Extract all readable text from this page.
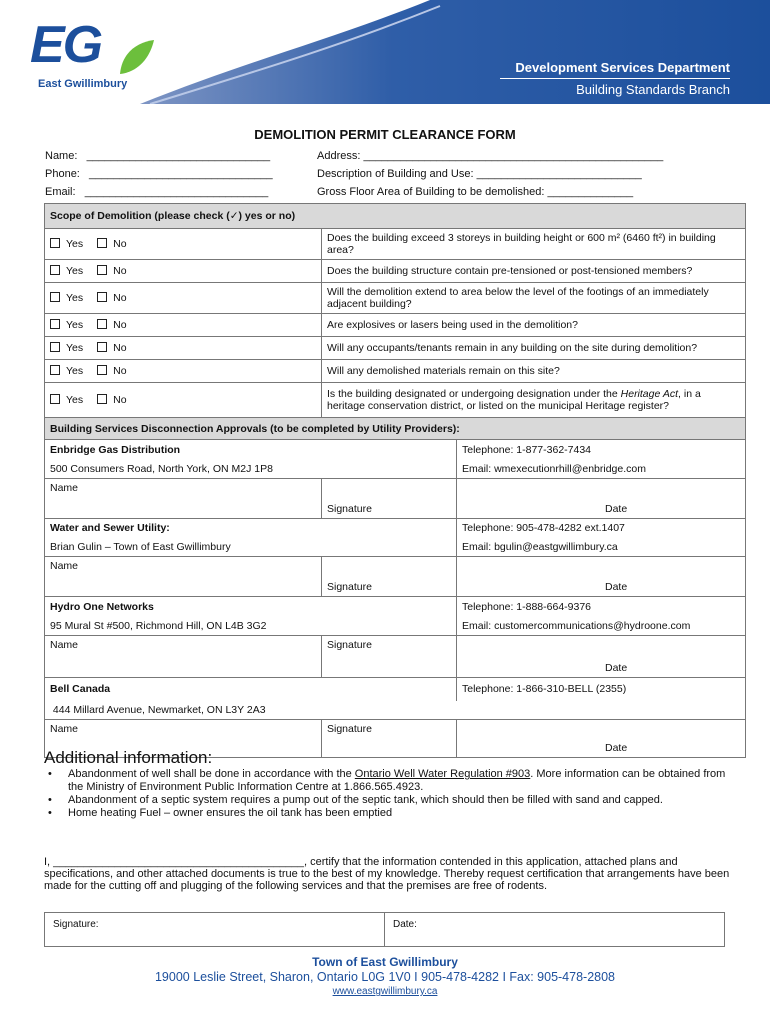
EG
East Gwillimbury
Development Services Department
Building Standards Branch
DEMOLITION PERMIT CLEARANCE FORM
Name:   ______________________________	Address: _________________________________________________
Phone:   ______________________________	Description of Building and Use: ___________________________
Email:   ______________________________	Gross Floor Area of Building to be demolished: ______________
Scope of Demolition (please check (✓) yes or no)		
Yes No	Does the building exceed 3 storeys in building height or 600 m² (6460 ft²) in building area?	
Yes No	Does the building structure contain pre-tensioned or post-tensioned members?	
Yes No	Will the demolition extend to area below the level of the footings of an immediately adjacent building?	
Yes No	Are explosives or lasers being used in the demolition?	
Yes No	Will any occupants/tenants remain in any building on the site during demolition?	
Yes No	Will any demolished materials remain on this site?	
Yes No	Is the building designated or undergoing designation under the Heritage Act, in a heritage conservation district, or listed on the municipal Heritage register?	
Building Services Disconnection Approvals (to be completed by Utility Providers):		
Enbridge Gas Distribution		Telephone: 1-877-362-7434
500 Consumers Road, North York, ON M2J 1P8		Email: wmexecutionrhill@enbridge.com
Name	Signature	Date
Water and Sewer Utility:		Telephone: 905-478-4282 ext.1407
Brian Gulin – Town of East Gwillimbury		Email: bgulin@eastgwillimbury.ca
Name	Signature	Date
Hydro One Networks		Telephone: 1-888-664-9376
95 Mural St #500, Richmond Hill, ON L4B 3G2		Email: customercommunications@hydroone.com
Name	Signature	Date
Bell Canada		Telephone: 1-866-310-BELL (2355)
444 Millard Avenue, Newmarket, ON L3Y 2A3		
Name	Signature	Date
Additional information:
• Abandonment of well shall be done in accordance with the Ontario Well Water Regulation #903. More information can be obtained from the Ministry of Environment Public Information Centre at 1.866.565.4923.
• Abandonment of a septic system requires a pump out of the septic tank, which should then be filled with sand and capped.
• Home heating Fuel – owner ensures the oil tank has been emptied
I, _________________________________________, certify that the information contended in this application, attached plans and specifications, and other attached documents is true to the best of my knowledge. Thereby request certification that arrangements have been made for the cutting off and plugging of the following services and that the premises are free of rodents.
Signature:	Date:
Town of East Gwillimbury
19000 Leslie Street, Sharon, Ontario L0G 1V0 I 905-478-4282 I Fax: 905-478-2808
www.eastgwillimbury.ca
